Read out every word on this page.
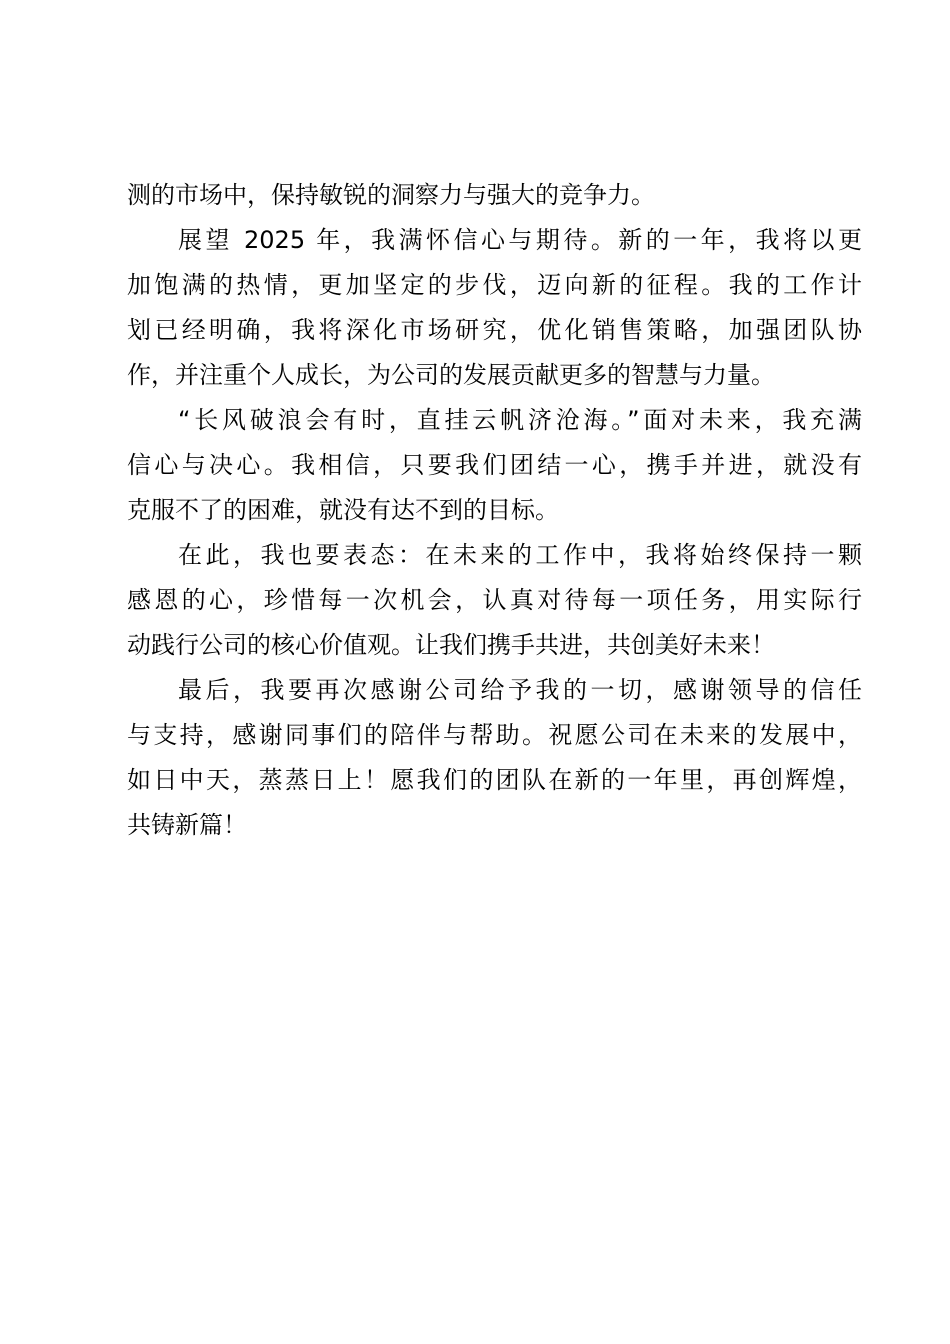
测的市场中，保持敏锐的洞察力与强大的竞争力。
展望 2025 年，我满怀信心与期待。新的一年，我将以更
加饱满的热情，更加坚定的步伐，迈向新的征程。我的工作计
划已经明确，我将深化市场研究，优化销售策略，加强团队协
作，并注重个人成长，为公司的发展贡献更多的智慧与力量。
“长风破浪会有时，直挂云帆济沧海。”面对未来，我充满
信心与决心。我相信，只要我们团结一心，携手并进，就没有
克服不了的困难，就没有达不到的目标。
在此，我也要表态：在未来的工作中，我将始终保持一颗
感恩的心，珍惜每一次机会，认真对待每一项任务，用实际行
动践行公司的核心价值观。让我们携手共进，共创美好未来！
最后，我要再次感谢公司给予我的一切，感谢领导的信任
与支持，感谢同事们的陪伴与帮助。祝愿公司在未来的发展中，
如日中天，蒸蒸日上！愿我们的团队在新的一年里，再创辉煌，
共铸新篇！
